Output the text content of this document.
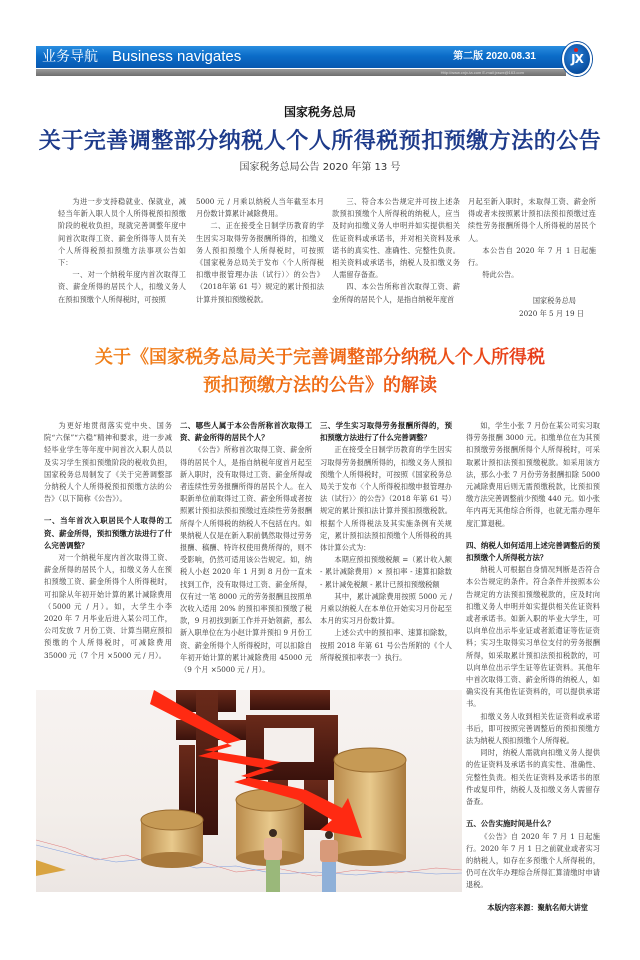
业务导航 Business navigates	第二版 2020.08.31
Http://www.cnjx-ta.com E-mail:jxswx@163.com
JX
国家税务总局
关于完善调整部分纳税人个人所得税预扣预缴方法的公告
国家税务总局公告 2020 年第 13 号

为进一步支持稳就业、保就业，减轻当年新入职人员个人所得税预扣预缴阶段的税收负担，现就完善调整年度中间首次取得工资、薪金所得等人员有关个人所得税预扣预缴方法事项公告如下：

一、对一个纳税年度内首次取得工资、薪金所得的居民个人，扣缴义务人在预扣预缴个人所得税时，可按照

5000 元 / 月乘以纳税人当年截至本月月份数计算累计减除费用。

二、正在接受全日制学历教育的学生因实习取得劳务报酬所得的，扣缴义务人预扣预缴个人所得税时，可按照《国家税务总局关于发布〈个人所得税扣缴申报管理办法（试行）〉的公告》（2018年第 61 号）规定的累计预扣法计算并预扣预缴税款。

三、符合本公告规定并可按上述条款预扣预缴个人所得税的纳税人，应当及时向扣缴义务人申明并如实提供相关佐证资料或承诺书，并对相关资料及承诺书的真实性、准确性、完整性负责。相关资料或承诺书，纳税人及扣缴义务人需留存备查。

四、本公告所称首次取得工资、薪金所得的居民个人，是指自纳税年度首

月起至新入职时，未取得工资、薪金所得或者未按照累计预扣法预扣预缴过连续性劳务报酬所得个人所得税的居民个人。

本公告自 2020 年 7 月 1 日起施行。

特此公告。

国家税务总局

2020 年 5 月 19 日

关于《国家税务总局关于完善调整部分纳税人个人所得税
预扣预缴方法的公告》的解读

为更好地贯彻落实党中央、国务院“六保”“六稳”精神和要求，进一步减轻毕业学生等年度中间首次入职人员以及实习学生预扣预缴阶段的税收负担，国家税务总局制发了《关于完善调整部分纳税人个人所得税预扣预缴方法的公告》（以下简称《公告》）。

一、当年首次入职居民个人取得的工资、薪金所得，预扣预缴方法进行了什么完善调整？

对一个纳税年度内首次取得工资、薪金所得的居民个人，扣缴义务人在预扣预缴工资、薪金所得个人所得税时，可扣除从年初开始计算的累计减除费用（5000 元 / 月）。如，大学生小李 2020 年 7 月毕业后进入某公司工作，公司发放 7 月份工资、计算当期应预扣预缴的个人所得税时，可减除费用 35000 元（7 个月 ×5000 元 / 月）。

二、哪些人属于本公告所称首次取得工资、薪金所得的居民个人？

《公告》所称首次取得工资、薪金所得的居民个人，是指自纳税年度首月起至新入职时，没有取得过工资、薪金所得或者连续性劳务报酬所得的居民个人。在入职新单位前取得过工资、薪金所得或者按照累计预扣法预扣预缴过连续性劳务报酬所得个人所得税的纳税人不包括在内。如果纳税人仅是在新入职前偶然取得过劳务报酬、稿酬、特许权使用费所得的，则不受影响，仍然可适用该公告规定。如，纳税人小赵 2020 年 1 月到 8 月份一直未找到工作，没有取得过工资、薪金所得，仅有过一笔 8000 元的劳务报酬且按照单次收入适用 20% 的预扣率预扣预缴了税款，9 月初找到新工作并开始领薪，那么新入职单位在为小赵计算并预扣 9 月份工资、薪金所得个人所得税时，可以扣除自年初开始计算的累计减除费用 45000 元（9 个月 ×5000 元 / 月）。

三、学生实习取得劳务报酬所得的，预扣预缴方法进行了什么完善调整？

正在接受全日制学历教育的学生因实习取得劳务报酬所得的，扣缴义务人预扣预缴个人所得税时，可按照《国家税务总局关于发布〈个人所得税扣缴申报管理办法（试行）〉的公告》（2018 年第 61 号）规定的累计预扣法计算并预扣预缴税款。根据个人所得税法及其实施条例有关规定，累计预扣法预扣预缴个人所得税的具体计算公式为：

本期应预扣预缴税额 =（累计收入额 - 累计减除费用）× 预扣率 - 速算扣除数 - 累计减免税额 - 累计已预扣预缴税额

其中，累计减除费用按照 5000 元 / 月乘以纳税人在本单位开始实习月份起至本月的实习月份数计算。

上述公式中的预扣率、速算扣除数，按照 2018 年第 61 号公告所附的《个人所得税预扣率表一》执行。

如，学生小张 7 月份在某公司实习取得劳务报酬 3000 元。扣缴单位在为其预扣预缴劳务报酬所得个人所得税时，可采取累计预扣法预扣预缴税款。如采用该方法，那么小张 7 月份劳务报酬扣除 5000 元减除费用后则无需预缴税款，比预扣预缴方法完善调整前少预缴 440 元。如小张年内再无其他综合所得，也就无需办理年度汇算退税。

四、纳税人如何适用上述完善调整后的预扣预缴个人所得税方法？

纳税人可根据自身情况判断是否符合本公告规定的条件。符合条件并按照本公告规定的方法预扣预缴税款的，应及时向扣缴义务人申明并如实提供相关佐证资料或者承诺书。如新入职的毕业大学生，可以向单位出示毕业证或者派遣证等佐证资料；实习生取得实习单位支付的劳务报酬所得，如采取累计预扣法预扣税款的，可以向单位出示学生证等佐证资料。其他年中首次取得工资、薪金所得的纳税人，如确实没有其他佐证资料的，可以提供承诺书。

扣缴义务人收到相关佐证资料或承诺书后，即可按照完善调整后的预扣预缴方法为纳税人预扣预缴个人所得税。

同时，纳税人需就向扣缴义务人提供的佐证资料及承诺书的真实性、准确性、完整性负责。相关佐证资料及承诺书的原件或复印件，纳税人及扣缴义务人需留存备查。

五、公告实施时间是什么？

《公告》自 2020 年 7 月 1 日起施行。2020 年 7 月 1 日之前就业或者实习的纳税人，如存在多预缴个人所得税的，仍可在次年办理综合所得汇算清缴时申请退税。

本版内容来源：聚航名师大讲堂
